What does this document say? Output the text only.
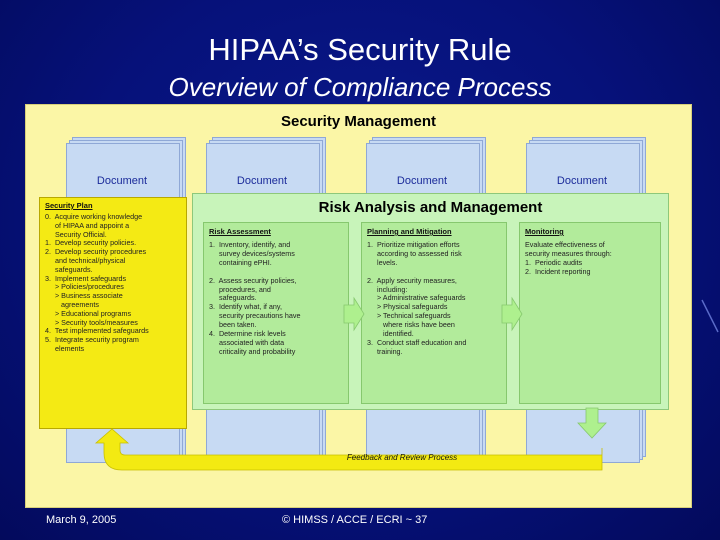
HIPAA’s Security Rule
Overview of Compliance Process
Security Management
Document	Document	Document	Document
Risk Analysis and Management
Risk Assessment
1.  Inventory, identify, and
survey devices/systems
containing ePHI.

2.  Assess security policies,
procedures, and
safeguards.
3.  Identify what, if any,
security precautions have
been taken.
4.  Determine risk levels
associated with data
criticality and probability
Planning and Mitigation
1.  Prioritize mitigation efforts
according to assessed risk
levels.

2.  Apply security measures,
including:
> Administrative safeguards
> Physical safeguards
> Technical safeguards
where risks have been
identified.
3.  Conduct staff education and
training.
Monitoring
Evaluate effectiveness of
security measures through:
1.  Periodic audits
2.  Incident reporting
Feedback and Review Process
Security Plan
0.  Acquire working knowledge
of HIPAA and appoint a
Security Official.
1.  Develop security policies.
2.  Develop security procedures
and technical/physical
safeguards.
3.  Implement safeguards
> Policies/procedures
> Business associate
agreements
> Educational programs
> Security tools/measures
4.  Test implemented safeguards
5.  Integrate security program
elements
March 9, 2005	© HIMSS / ACCE / ECRI ~ 37
